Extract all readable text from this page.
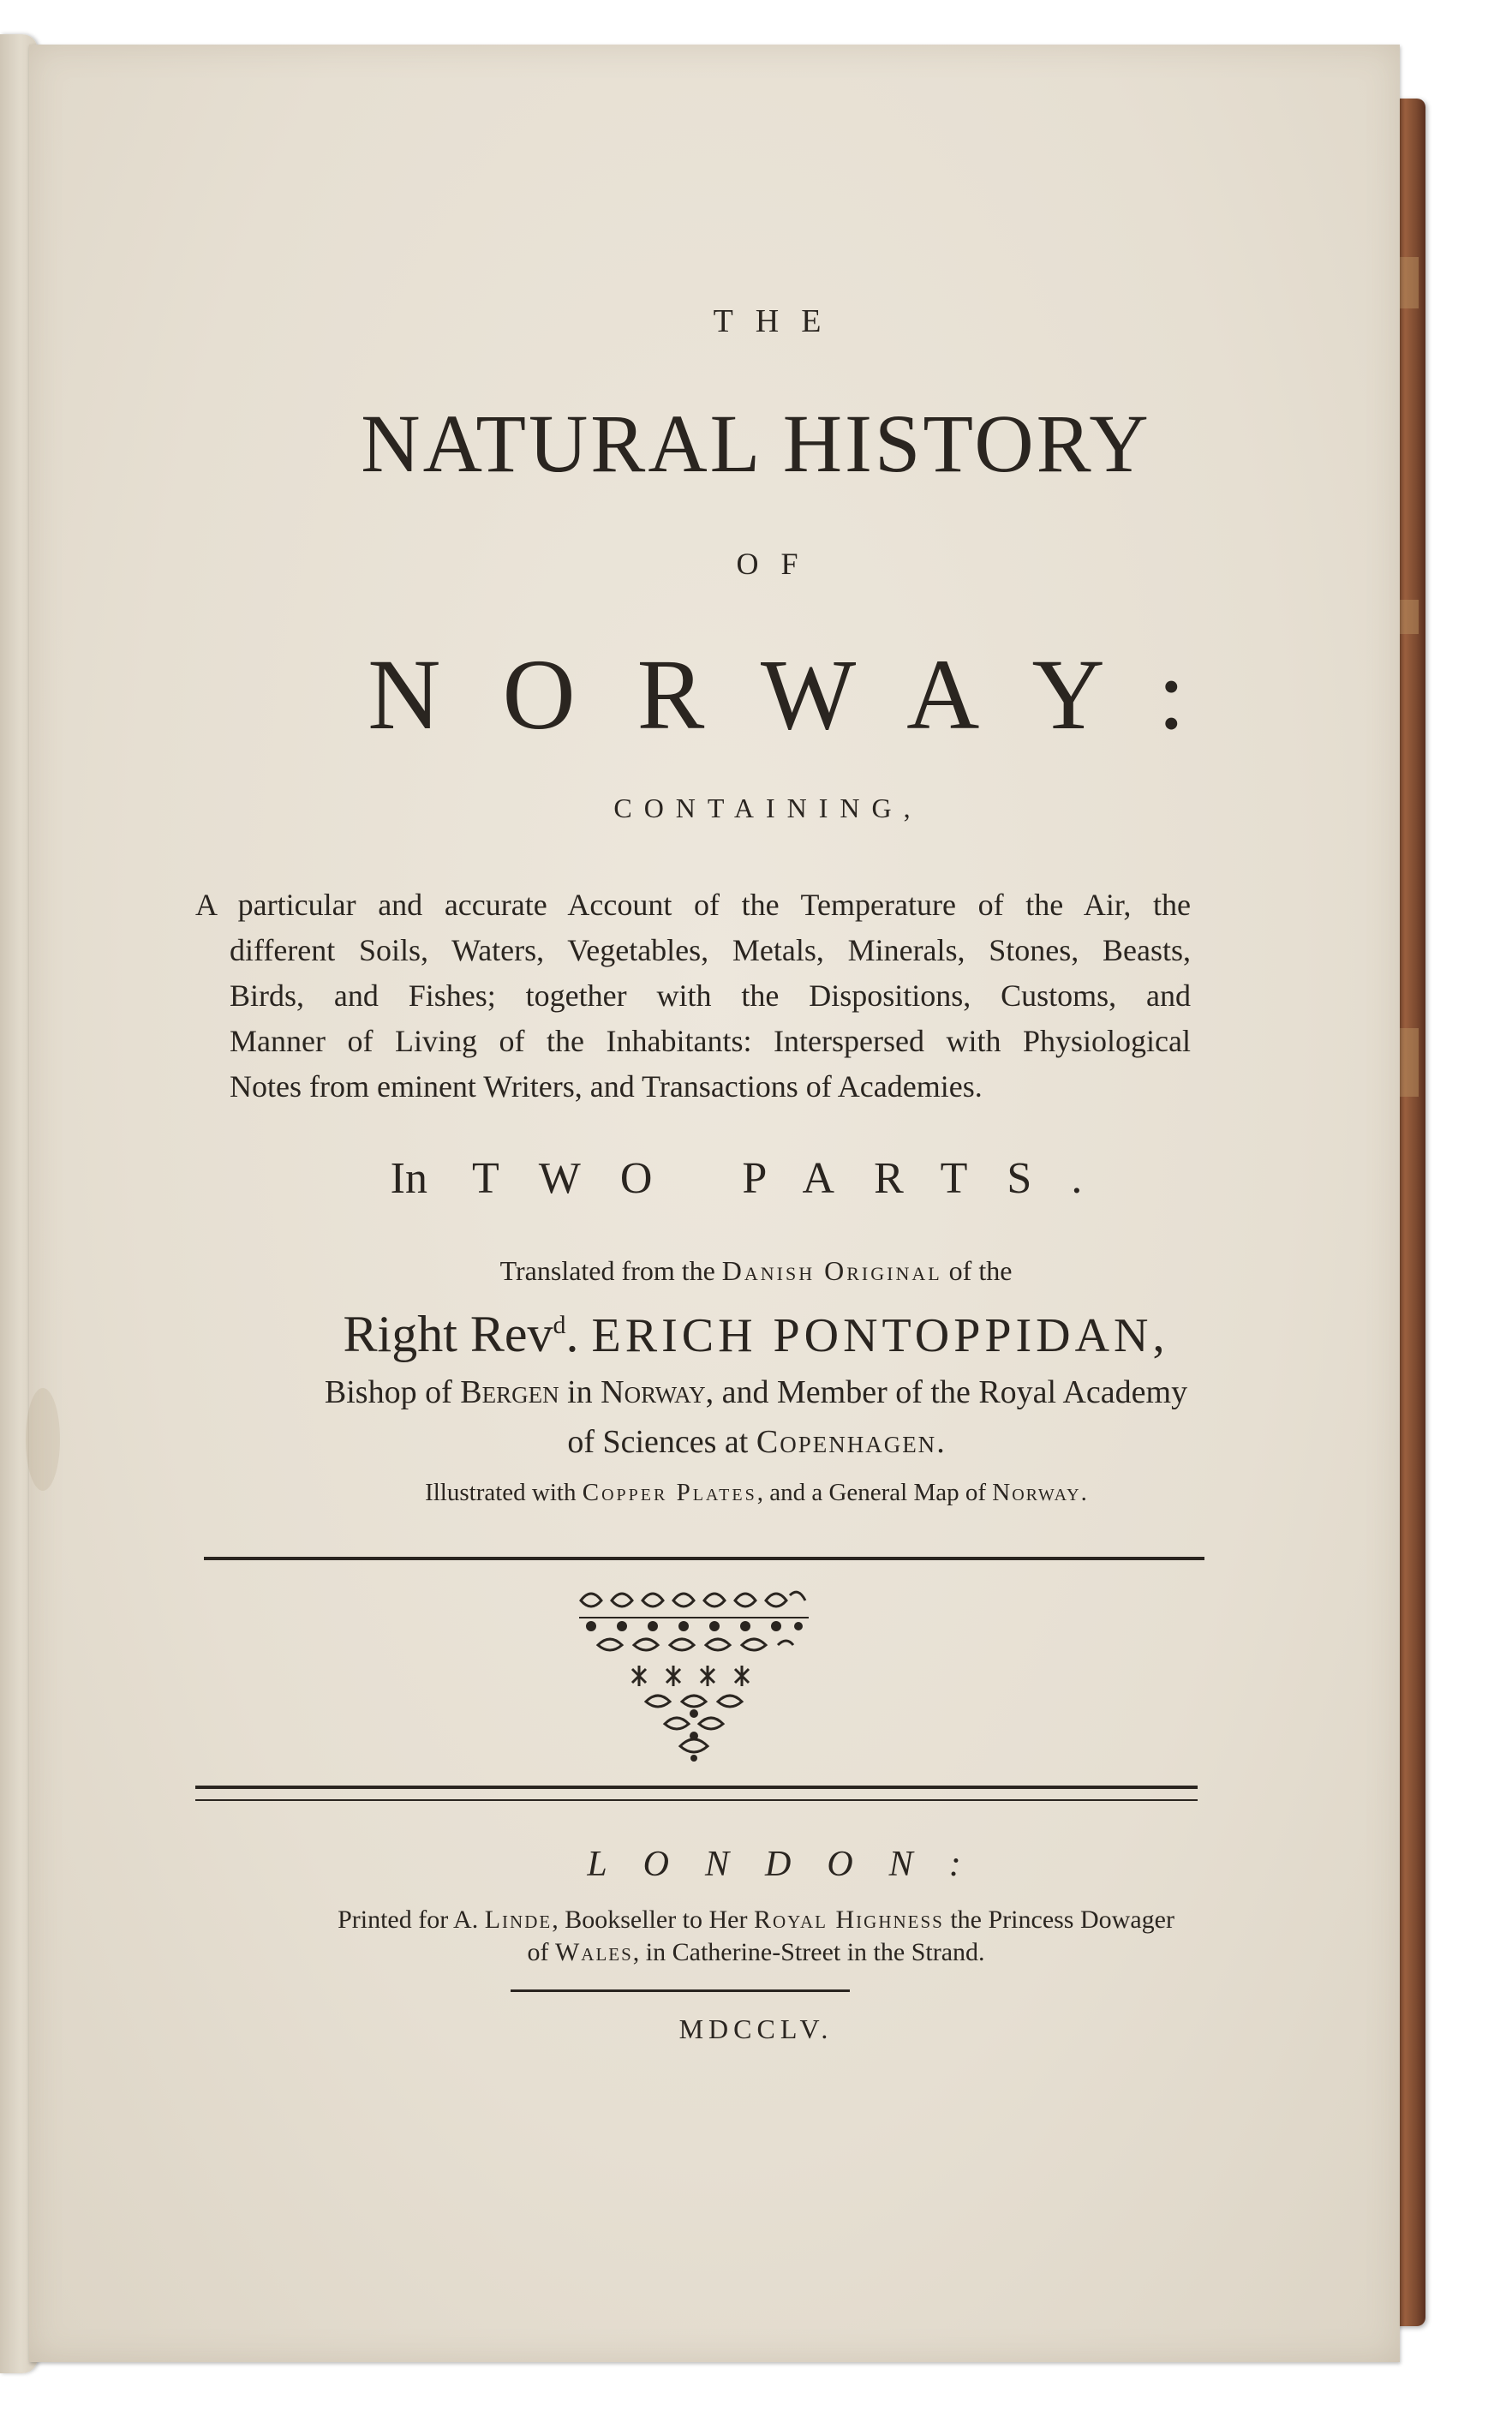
THE
NATURAL HISTORY
OF
NORWAY:
CONTAINING,
A particular and accurate Account of the Temperature of the Air, the
different Soils, Waters, Vegetables, Metals, Minerals, Stones, Beasts,
Birds, and Fishes; together with the Dispositions, Customs, and
Manner of Living of the Inhabitants: Interspersed with Physiological
Notes from eminent Writers, and Transactions of Academies.
In TWO PARTS.
Translated from the Danish Original of the
Right Rev$^d$. ERICH PONTOPPIDAN,
Bishop of Bergen in Norway, and Member of the Royal Academy
of Sciences at Copenhagen.
Illustrated with Copper Plates, and a General Map of Norway.
LONDON:
Printed for A. Linde, Bookseller to Her Royal Highness the Princess Dowager
of Wales, in Catherine-Street in the Strand.
MDCCLV.
